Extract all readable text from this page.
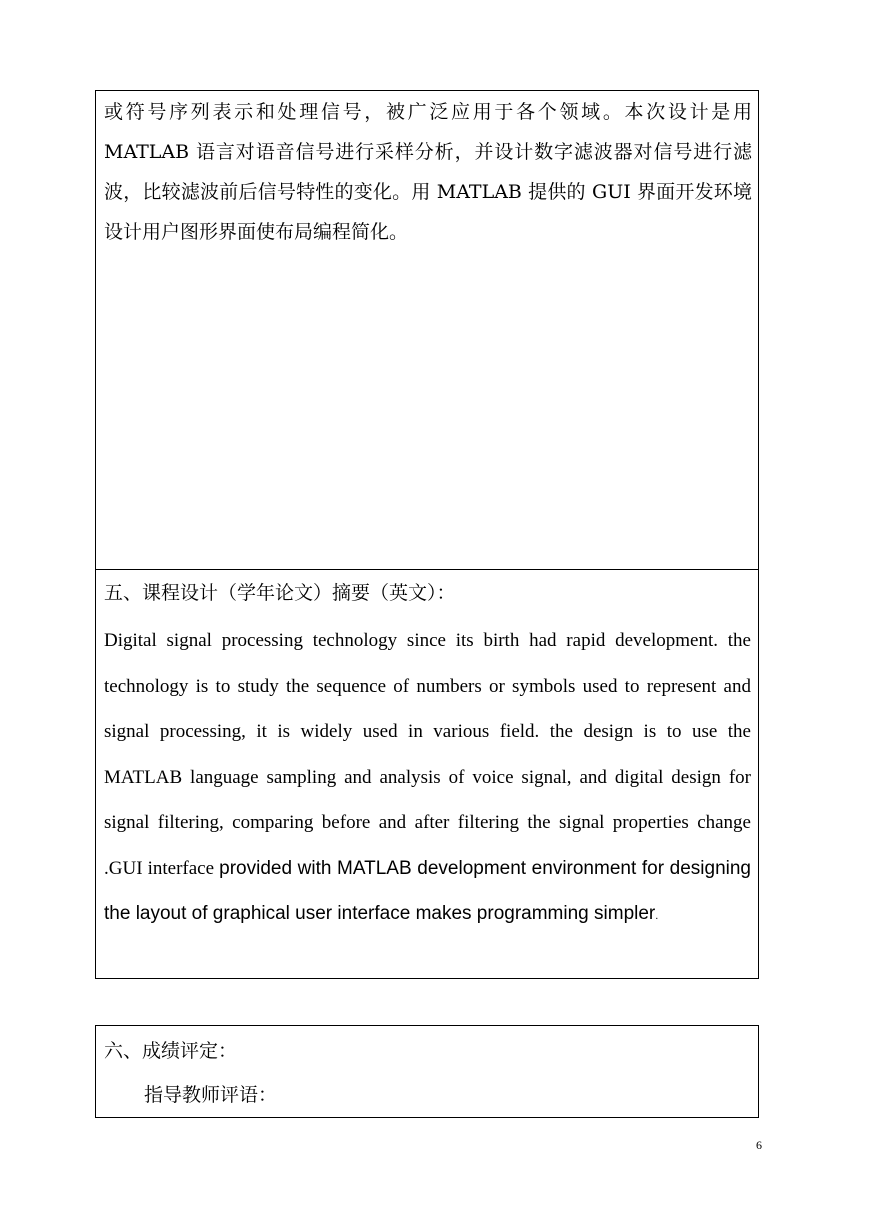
或符号序列表示和处理信号，被广泛应用于各个领域。本次设计是用 MATLAB 语言对语音信号进行采样分析，并设计数字滤波器对信号进行滤波，比较滤波前后信号特性的变化。用 MATLAB 提供的 GUI 界面开发环境设计用户图形界面使布局编程简化。

五、课程设计（学年论文）摘要（英文）：

Digital signal processing technology since its birth had rapid development. the technology is to study the sequence of numbers or symbols used to represent and signal processing, it is widely used in various field. the design is to use the MATLAB language sampling and analysis of voice signal, and digital design for signal filtering, comparing before and after filtering the signal properties change .GUI interface provided with MATLAB development environment for designing the layout of graphical user interface makes programming simpler.

六、成绩评定：

指导教师评语：

6
